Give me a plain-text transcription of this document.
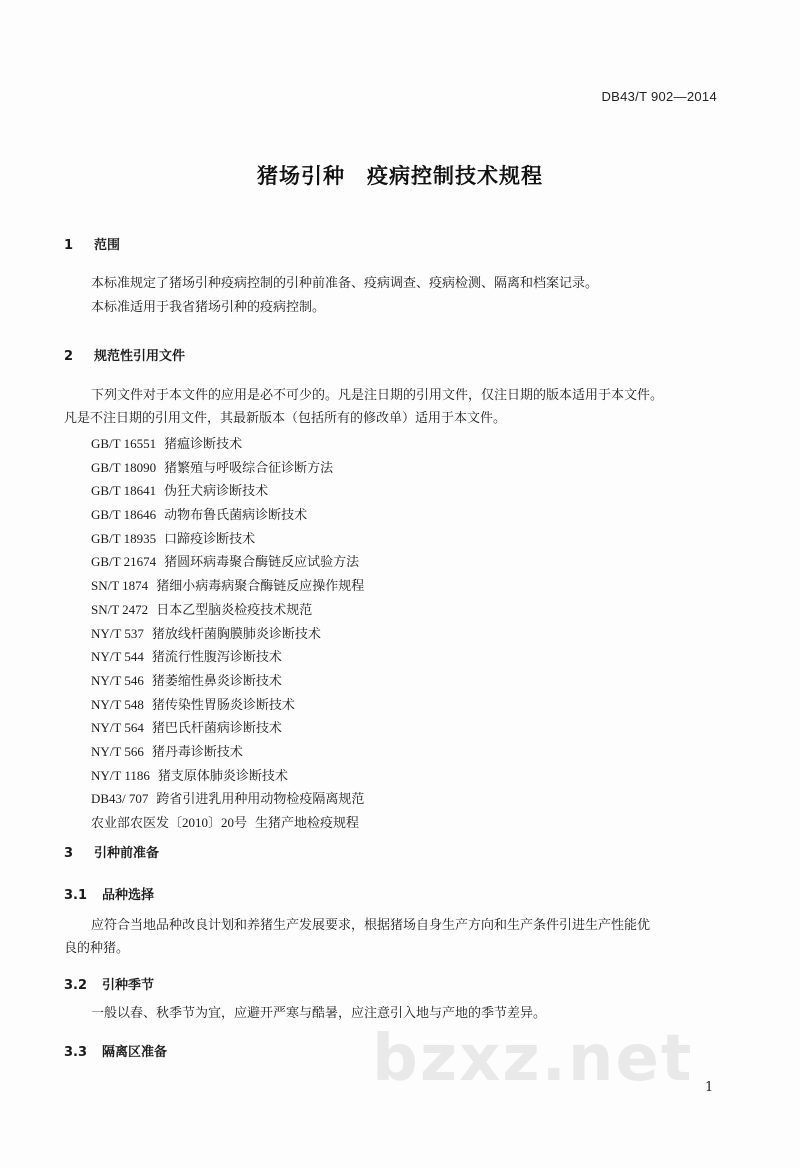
DB43/T 902—2014
猪场引种　疫病控制技术规程
1 范围
本标准规定了猪场引种疫病控制的引种前准备、疫病调查、疫病检测、隔离和档案记录。
本标准适用于我省猪场引种的疫病控制。
2 规范性引用文件
下列文件对于本文件的应用是必不可少的。凡是注日期的引用文件，仅注日期的版本适用于本文件。
凡是不注日期的引用文件，其最新版本（包括所有的修改单）适用于本文件。
GB/T 16551 猪瘟诊断技术
GB/T 18090 猪繁殖与呼吸综合征诊断方法
GB/T 18641 伪狂犬病诊断技术
GB/T 18646 动物布鲁氏菌病诊断技术
GB/T 18935 口蹄疫诊断技术
GB/T 21674 猪圆环病毒聚合酶链反应试验方法
SN/T 1874 猪细小病毒病聚合酶链反应操作规程
SN/T 2472 日本乙型脑炎检疫技术规范
NY/T 537 猪放线杆菌胸膜肺炎诊断技术
NY/T 544 猪流行性腹泻诊断技术
NY/T 546 猪萎缩性鼻炎诊断技术
NY/T 548 猪传染性胃肠炎诊断技术
NY/T 564 猪巴氏杆菌病诊断技术
NY/T 566 猪丹毒诊断技术
NY/T 1186 猪支原体肺炎诊断技术
DB43/ 707 跨省引进乳用种用动物检疫隔离规范
农业部农医发〔2010〕20号 生猪产地检疫规程
3 引种前准备
3.1 品种选择
应符合当地品种改良计划和养猪生产发展要求，根据猪场自身生产方向和生产条件引进生产性能优
良的种猪。
3.2 引种季节
一般以春、秋季节为宜，应避开严寒与酷暑，应注意引入地与产地的季节差异。
3.3 隔离区准备	bzxz.net 1
